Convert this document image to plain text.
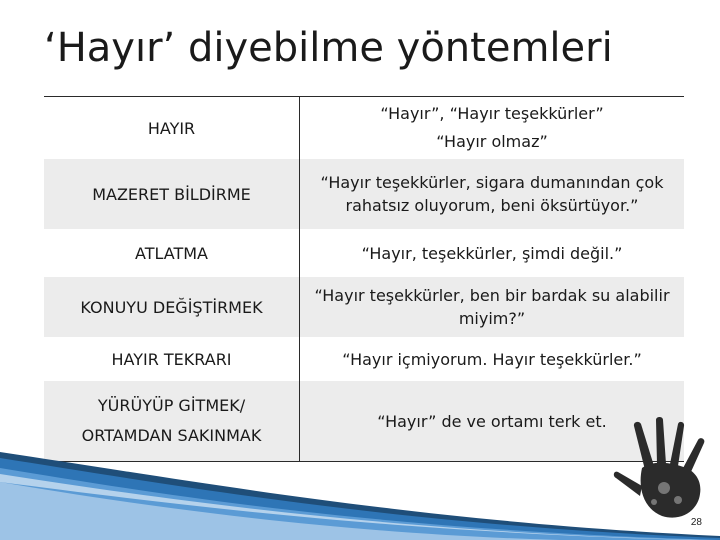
‘Hayır’ diyebilme yöntemleri
HAYIR
“Hayır”, “Hayır teşekkürler” “Hayır olmaz”
MAZERET BİLDİRME
“Hayır teşekkürler, sigara dumanından çok rahatsız oluyorum, beni öksürtüyor.”
ATLATMA	“Hayır, teşekkürler, şimdi değil.”
KONUYU DEĞİŞTİRMEK
“Hayır teşekkürler, ben bir bardak su alabilir miyim?”
HAYIR TEKRARI	“Hayır içmiyorum. Hayır teşekkürler.”
YÜRÜYÜP GİTMEK/ ORTAMDAN SAKINMAK
“Hayır” de ve ortamı terk et.
28
